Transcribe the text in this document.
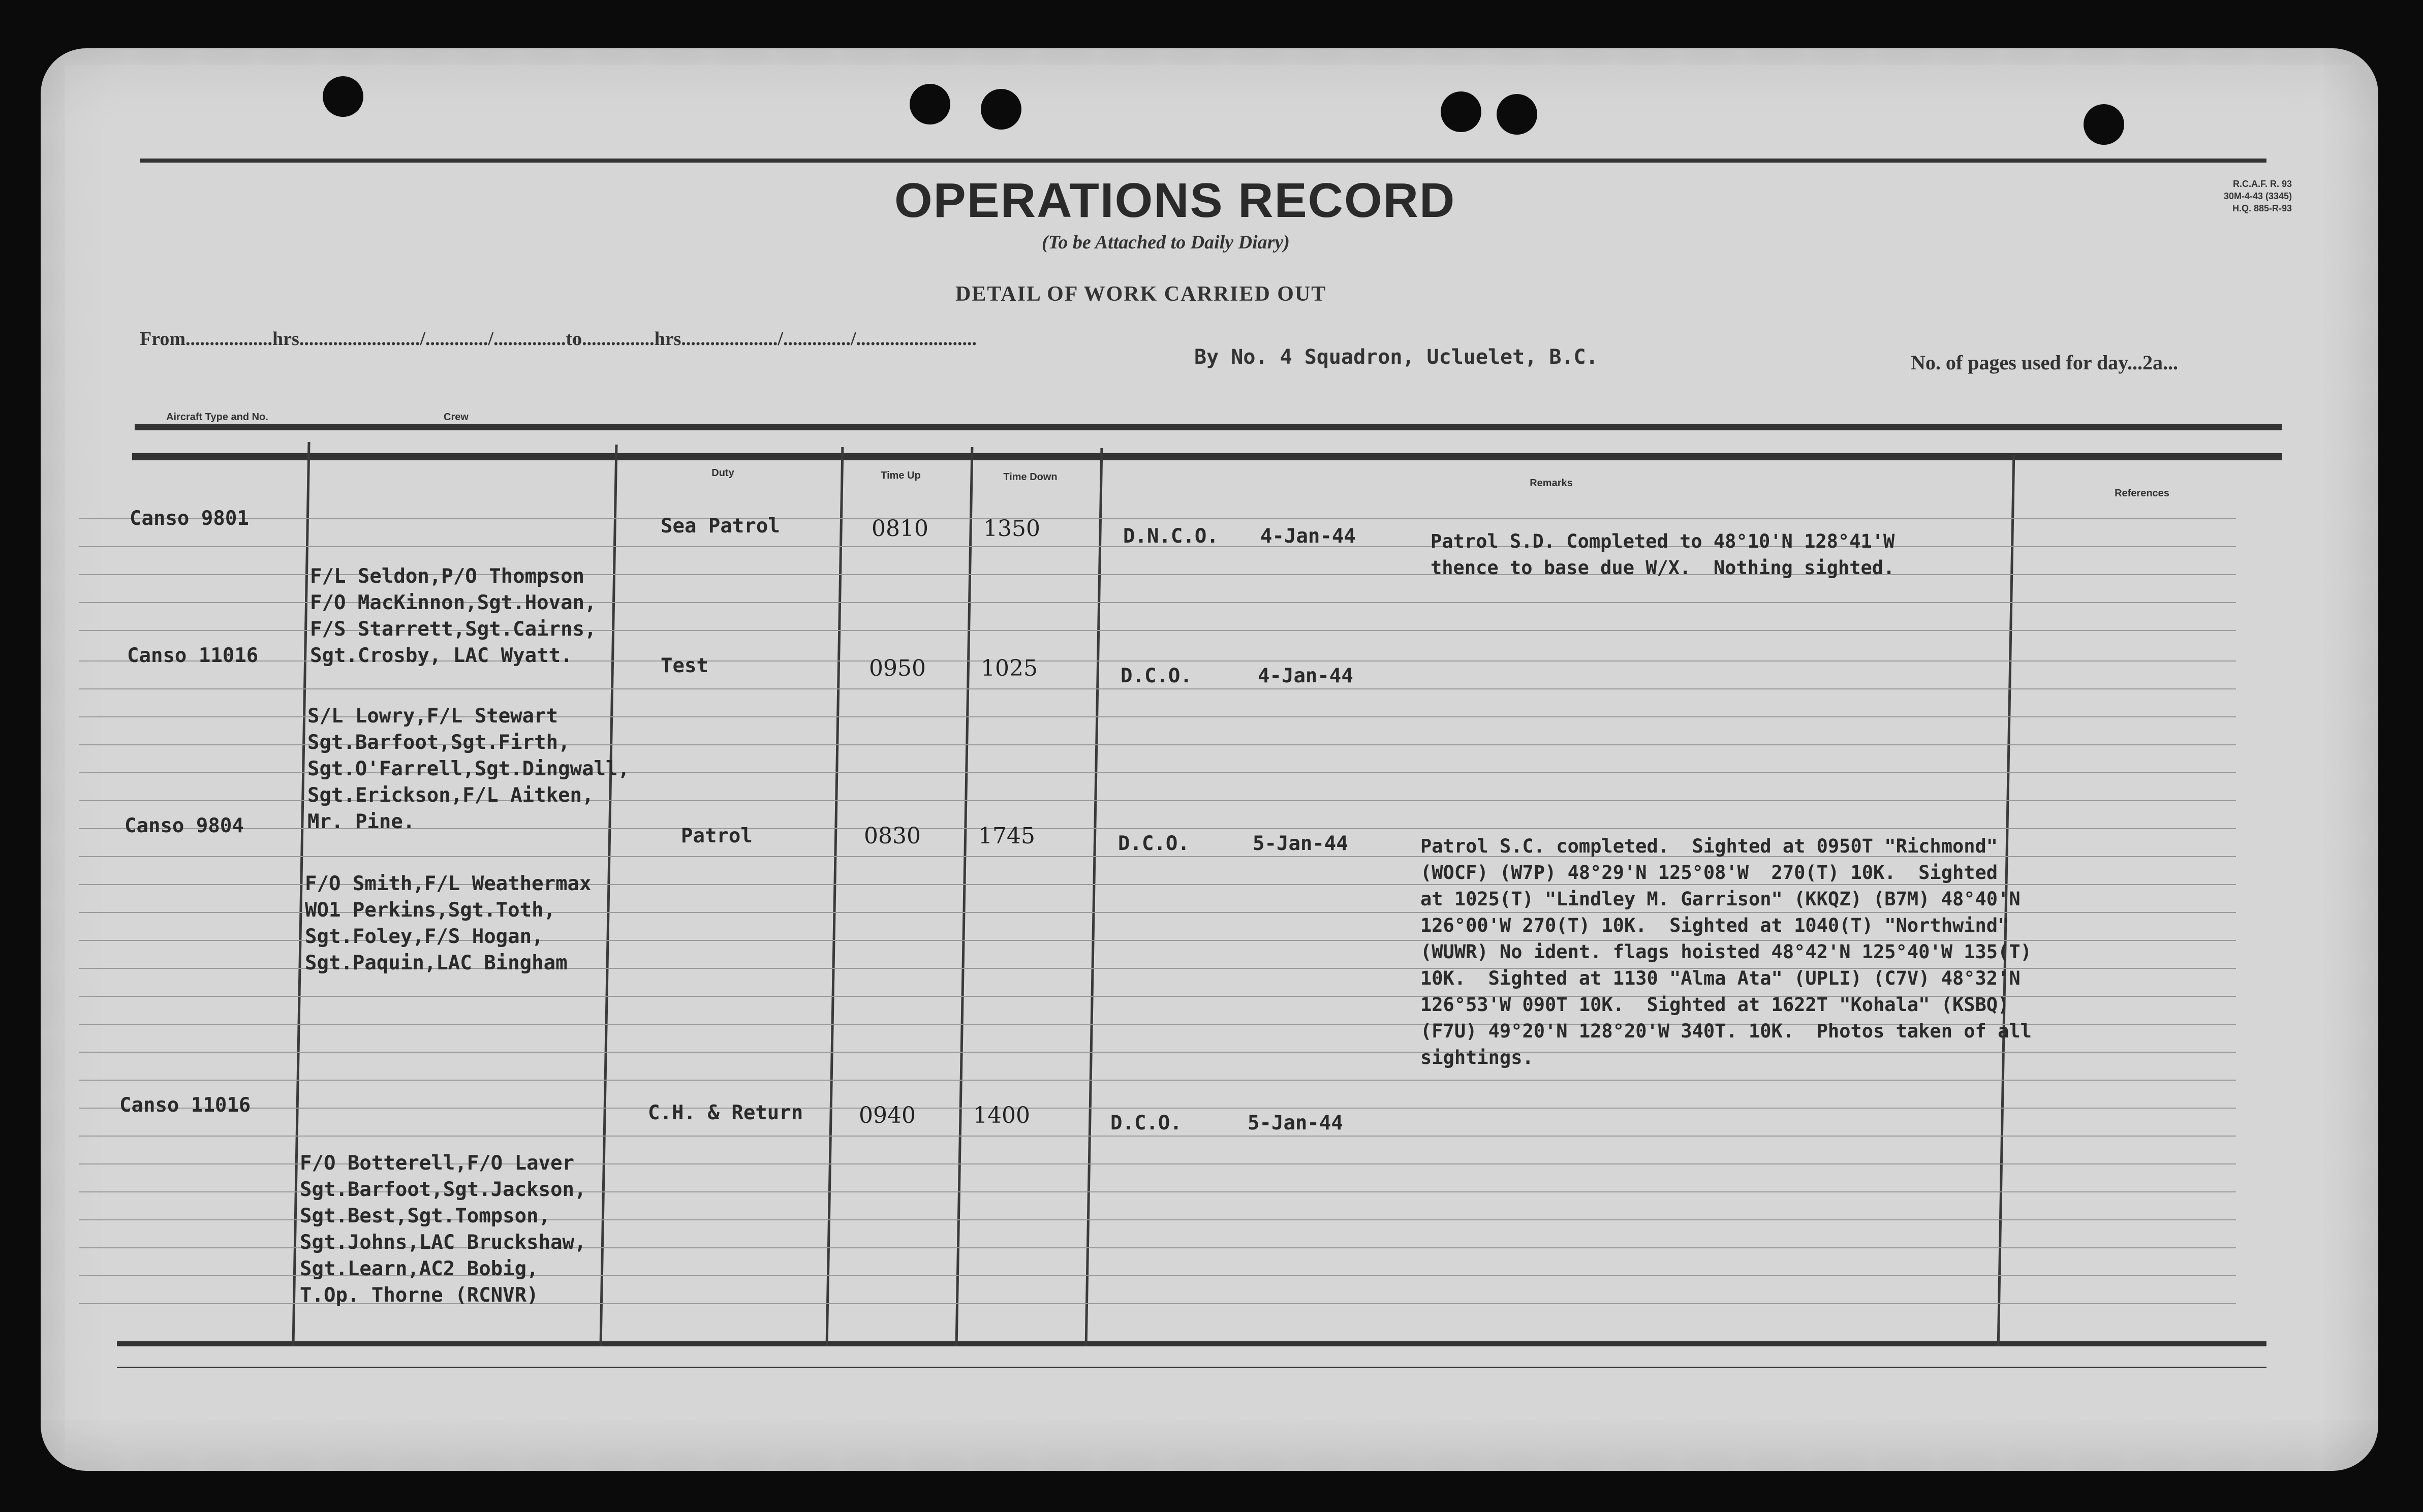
OPERATIONS RECORD
(To be Attached to Daily Diary)
DETAIL OF WORK CARRIED OUT
R.C.A.F. R. 93
30M-4-43 (3345)
H.Q. 885-R-93
From..................hrs........................./............./...............to...............hrs..................../............../.........................
By No. 4 Squadron, Ucluelet, B.C.	No. of pages used for day...2a...
Aircraft Type and No.	Crew
Duty	Time Up	Time Down
Remarks
References
Canso 9801

F/L Seldon,P/O Thompson
F/O MacKinnon,Sgt.Hovan,
F/S Starrett,Sgt.Cairns,
Sgt.Crosby, LAC Wyatt.

Sea Patrol	0810 1350	D.N.C.O. 4-Jan-44	Patrol S.D. Completed to 48°10'N 128°41'W
thence to base due W/X.  Nothing sighted.
Canso 11016

S/L Lowry,F/L Stewart
Sgt.Barfoot,Sgt.Firth,
Sgt.O'Farrell,Sgt.Dingwall,
Sgt.Erickson,F/L Aitken,
Mr. Pine.

Test	0950 1025	D.C.O.	4-Jan-44
Canso 9804

F/O Smith,F/L Weathermax
WO1 Perkins,Sgt.Toth,
Sgt.Foley,F/S Hogan,
Sgt.Paquin,LAC Bingham

Patrol	0830	1745	D.C.O.	5-Jan-44	Patrol S.C. completed.  Sighted at 0950T "Richmond"
(WOCF) (W7P) 48°29'N 125°08'W  270(T) 10K.  Sighted
at 1025(T) "Lindley M. Garrison" (KKQZ) (B7M) 48°40'N
126°00'W 270(T) 10K.  Sighted at 1040(T) "Northwind"
(WUWR) No ident. flags hoisted 48°42'N 125°40'W 135(T)
10K.  Sighted at 1130 "Alma Ata" (UPLI) (C7V) 48°32'N
126°53'W 090T 10K.  Sighted at 1622T "Kohala" (KSBQ)
(F7U) 49°20'N 128°20'W 340T. 10K.  Photos taken of all
sightings.
Canso 11016

F/O Botterell,F/O Laver
Sgt.Barfoot,Sgt.Jackson,
Sgt.Best,Sgt.Tompson,
Sgt.Johns,LAC Bruckshaw,
Sgt.Learn,AC2 Bobig,
T.Op. Thorne (RCNVR)

C.H. & Return 0940	1400	D.C.O.	5-Jan-44
